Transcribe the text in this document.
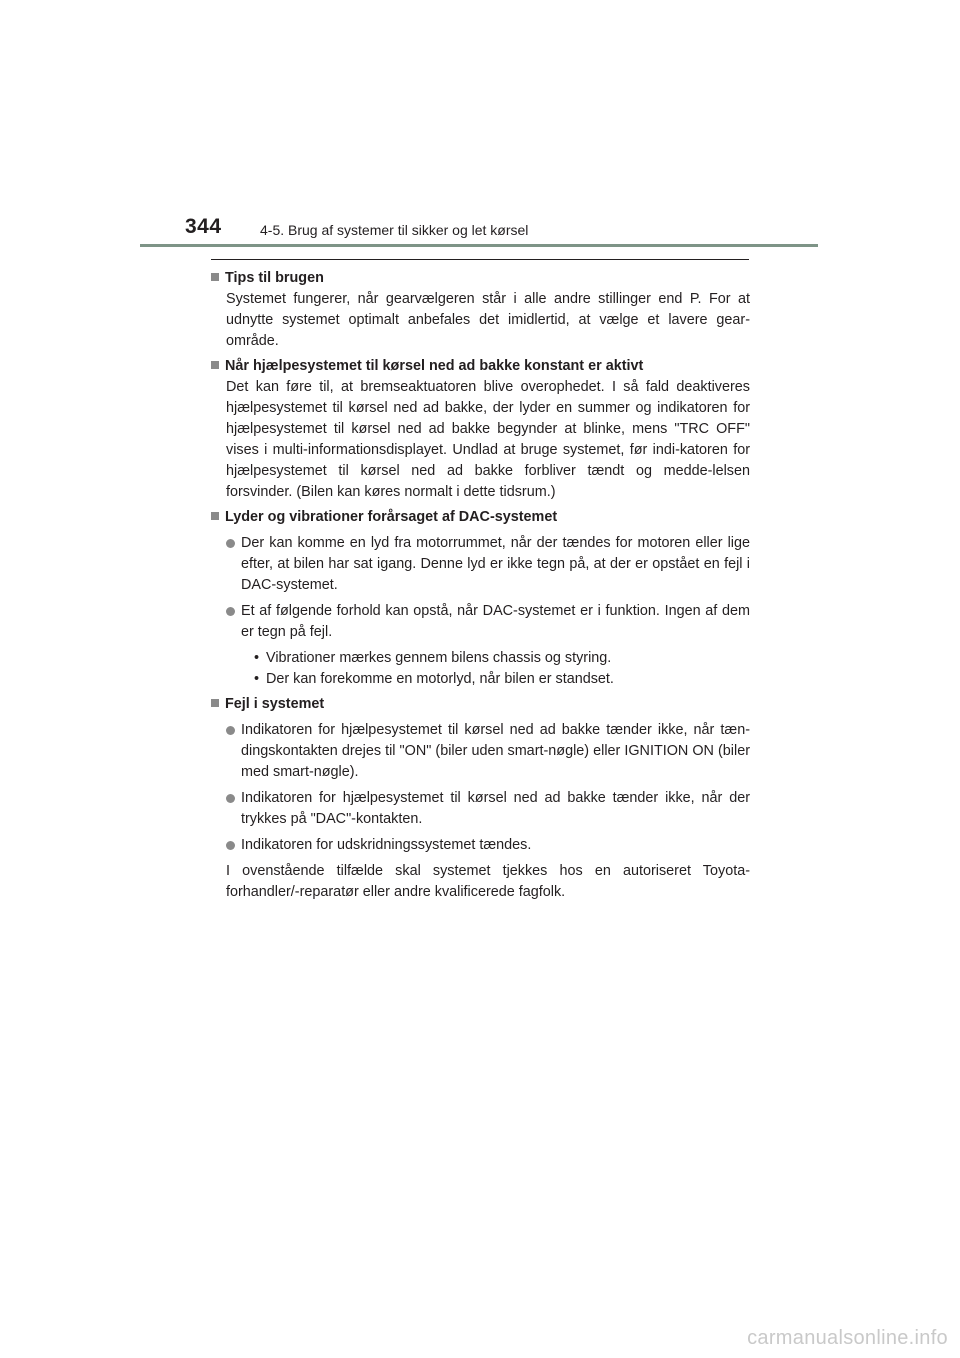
344	4-5. Brug af systemer til sikker og let kørsel
Tips til brugen
Systemet fungerer, når gearvælgeren står i alle andre stillinger end P. For at udnytte systemet optimalt anbefales det imidlertid, at vælge et lavere gear-område.
Når hjælpesystemet til kørsel ned ad bakke konstant er aktivt
Det kan føre til, at bremseaktuatoren blive overophedet. I så fald deaktiveres hjælpesystemet til kørsel ned ad bakke, der lyder en summer og indikatoren for hjælpesystemet til kørsel ned ad bakke begynder at blinke, mens "TRC OFF" vises i multi-informationsdisplayet. Undlad at bruge systemet, før indi-katoren for hjælpesystemet til kørsel ned ad bakke forbliver tændt og medde-lelsen forsvinder. (Bilen kan køres normalt i dette tidsrum.)
Lyder og vibrationer forårsaget af DAC-systemet
Der kan komme en lyd fra motorrummet, når der tændes for motoren eller lige efter, at bilen har sat igang. Denne lyd er ikke tegn på, at der er opstået en fejl i DAC-systemet.
Et af følgende forhold kan opstå, når DAC-systemet er i funktion. Ingen af dem er tegn på fejl.
• Vibrationer mærkes gennem bilens chassis og styring.
• Der kan forekomme en motorlyd, når bilen er standset.
Fejl i systemet
Indikatoren for hjælpesystemet til kørsel ned ad bakke tænder ikke, når tæn-dingskontakten drejes til "ON" (biler uden smart-nøgle) eller IGNITION ON (biler med smart-nøgle).
Indikatoren for hjælpesystemet til kørsel ned ad bakke tænder ikke, når der trykkes på "DAC"-kontakten.
Indikatoren for udskridningssystemet tændes.
I ovenstående tilfælde skal systemet tjekkes hos en autoriseret Toyota-forhandler/-reparatør eller andre kvalificerede fagfolk.
carmanualsonline.info
